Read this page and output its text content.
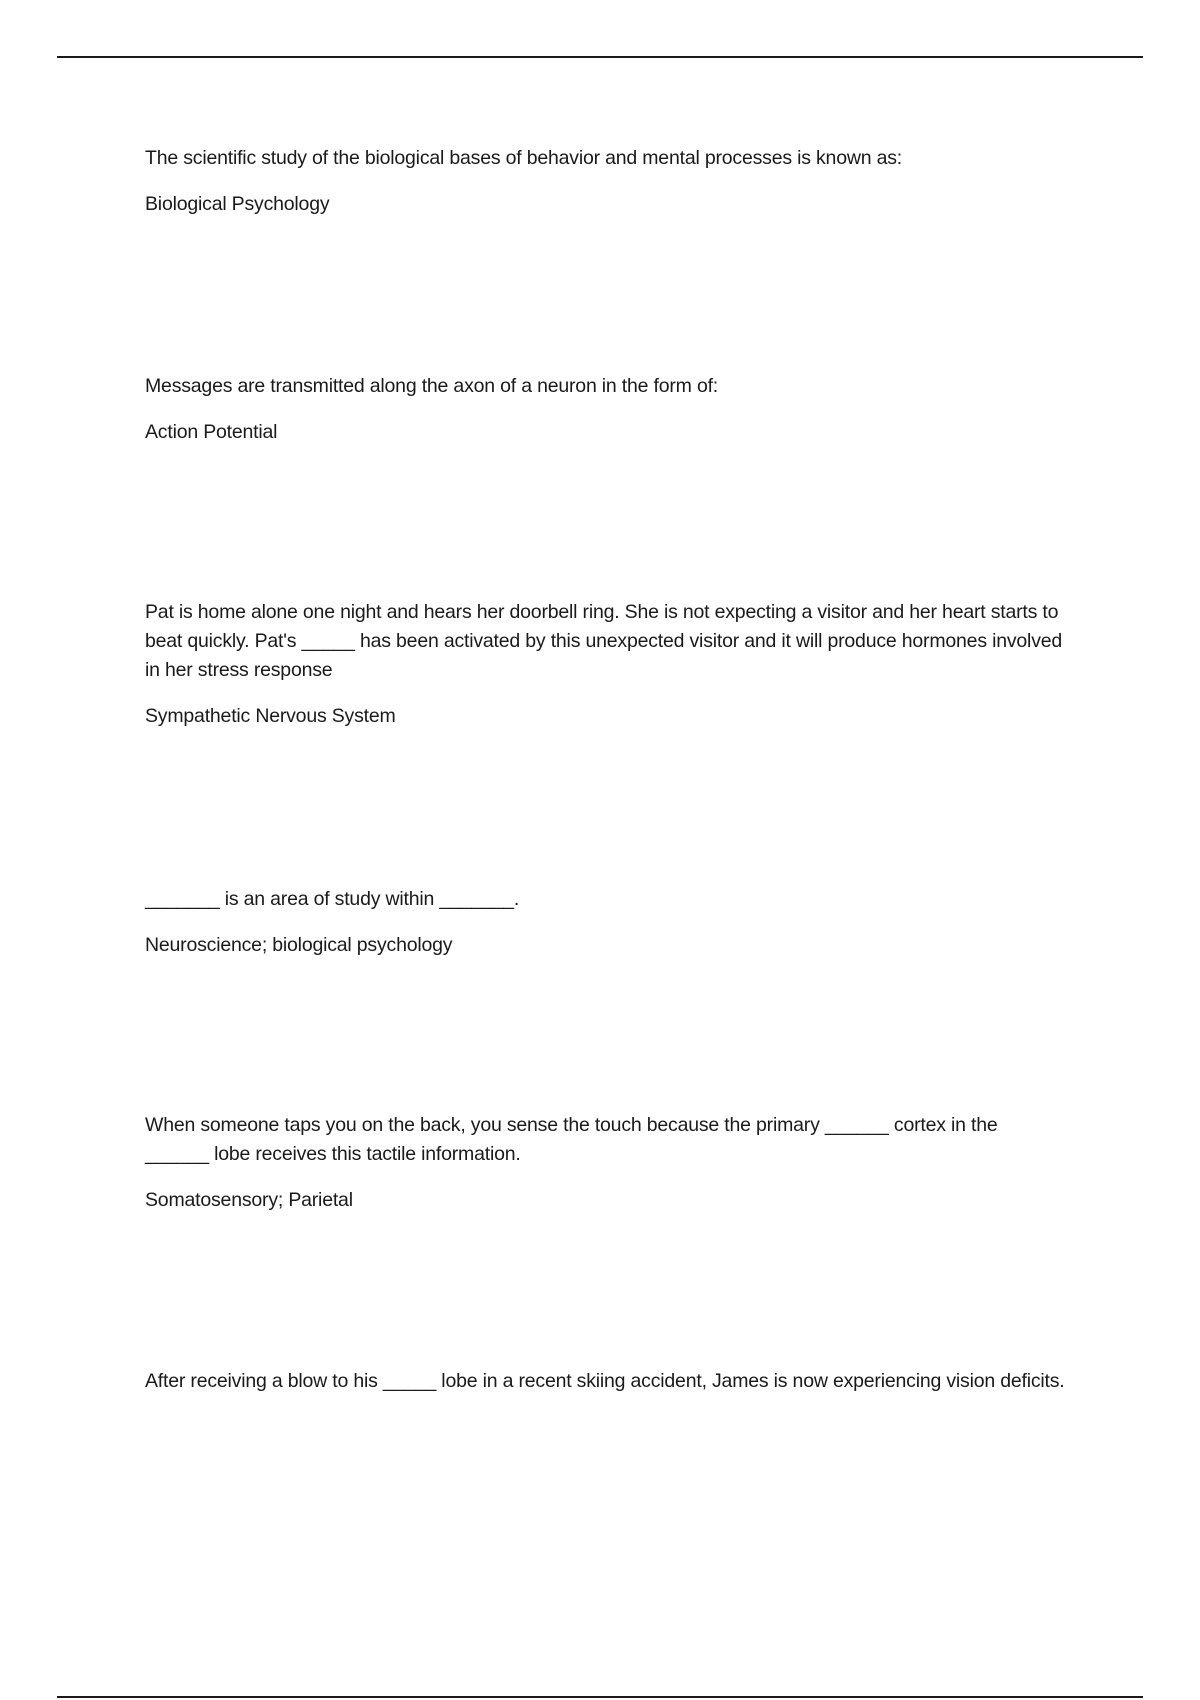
The scientific study of the biological bases of behavior and mental processes is known as:

Biological Psychology

Messages are transmitted along the axon of a neuron in the form of:

Action Potential

Pat is home alone one night and hears her doorbell ring. She is not expecting a visitor and her heart starts to beat quickly. Pat's _____ has been activated by this unexpected visitor and it will produce hormones involved in her stress response

Sympathetic Nervous System

_______ is an area of study within _______.

Neuroscience; biological psychology

When someone taps you on the back, you sense the touch because the primary ______ cortex in the ______ lobe receives this tactile information.

Somatosensory; Parietal

After receiving a blow to his _____ lobe in a recent skiing accident, James is now experiencing vision deficits.
